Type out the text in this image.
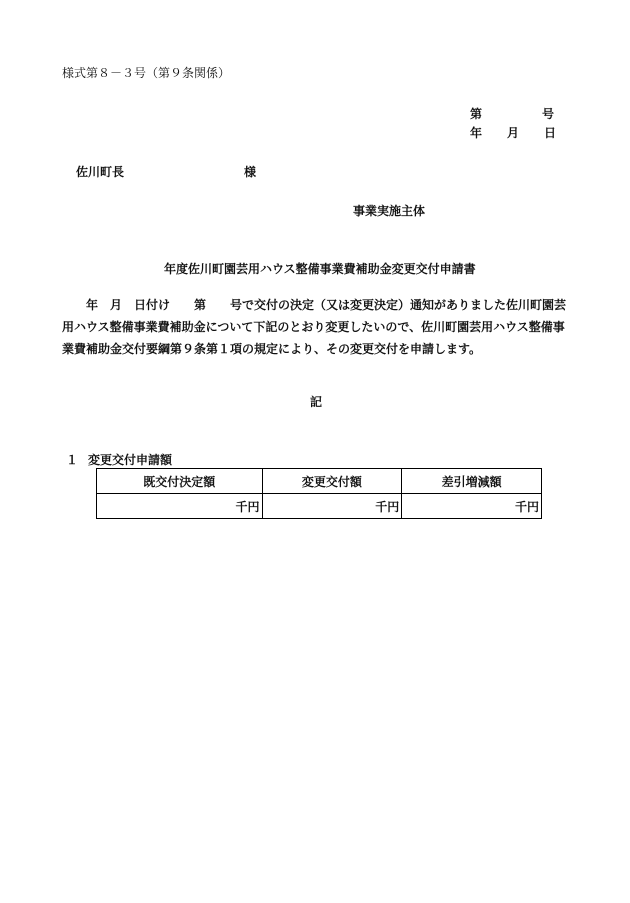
様式第８－３号（第９条関係）
第	号
年 月 日
佐川町長	様
事業実施主体
年度佐川町園芸用ハウス整備事業費補助金変更交付申請書
　　年　月　日付け　　第　　号で交付の決定（又は変更決定）通知がありました佐川町園芸用ハウス整備事業費補助金について下記のとおり変更したいので、佐川町園芸用ハウス整備事業費補助金交付要綱第９条第１項の規定により、その変更交付を申請します。
記
１ 変更交付申請額
既交付決定額	変更交付額	差引増減額
千円	千円	千円
